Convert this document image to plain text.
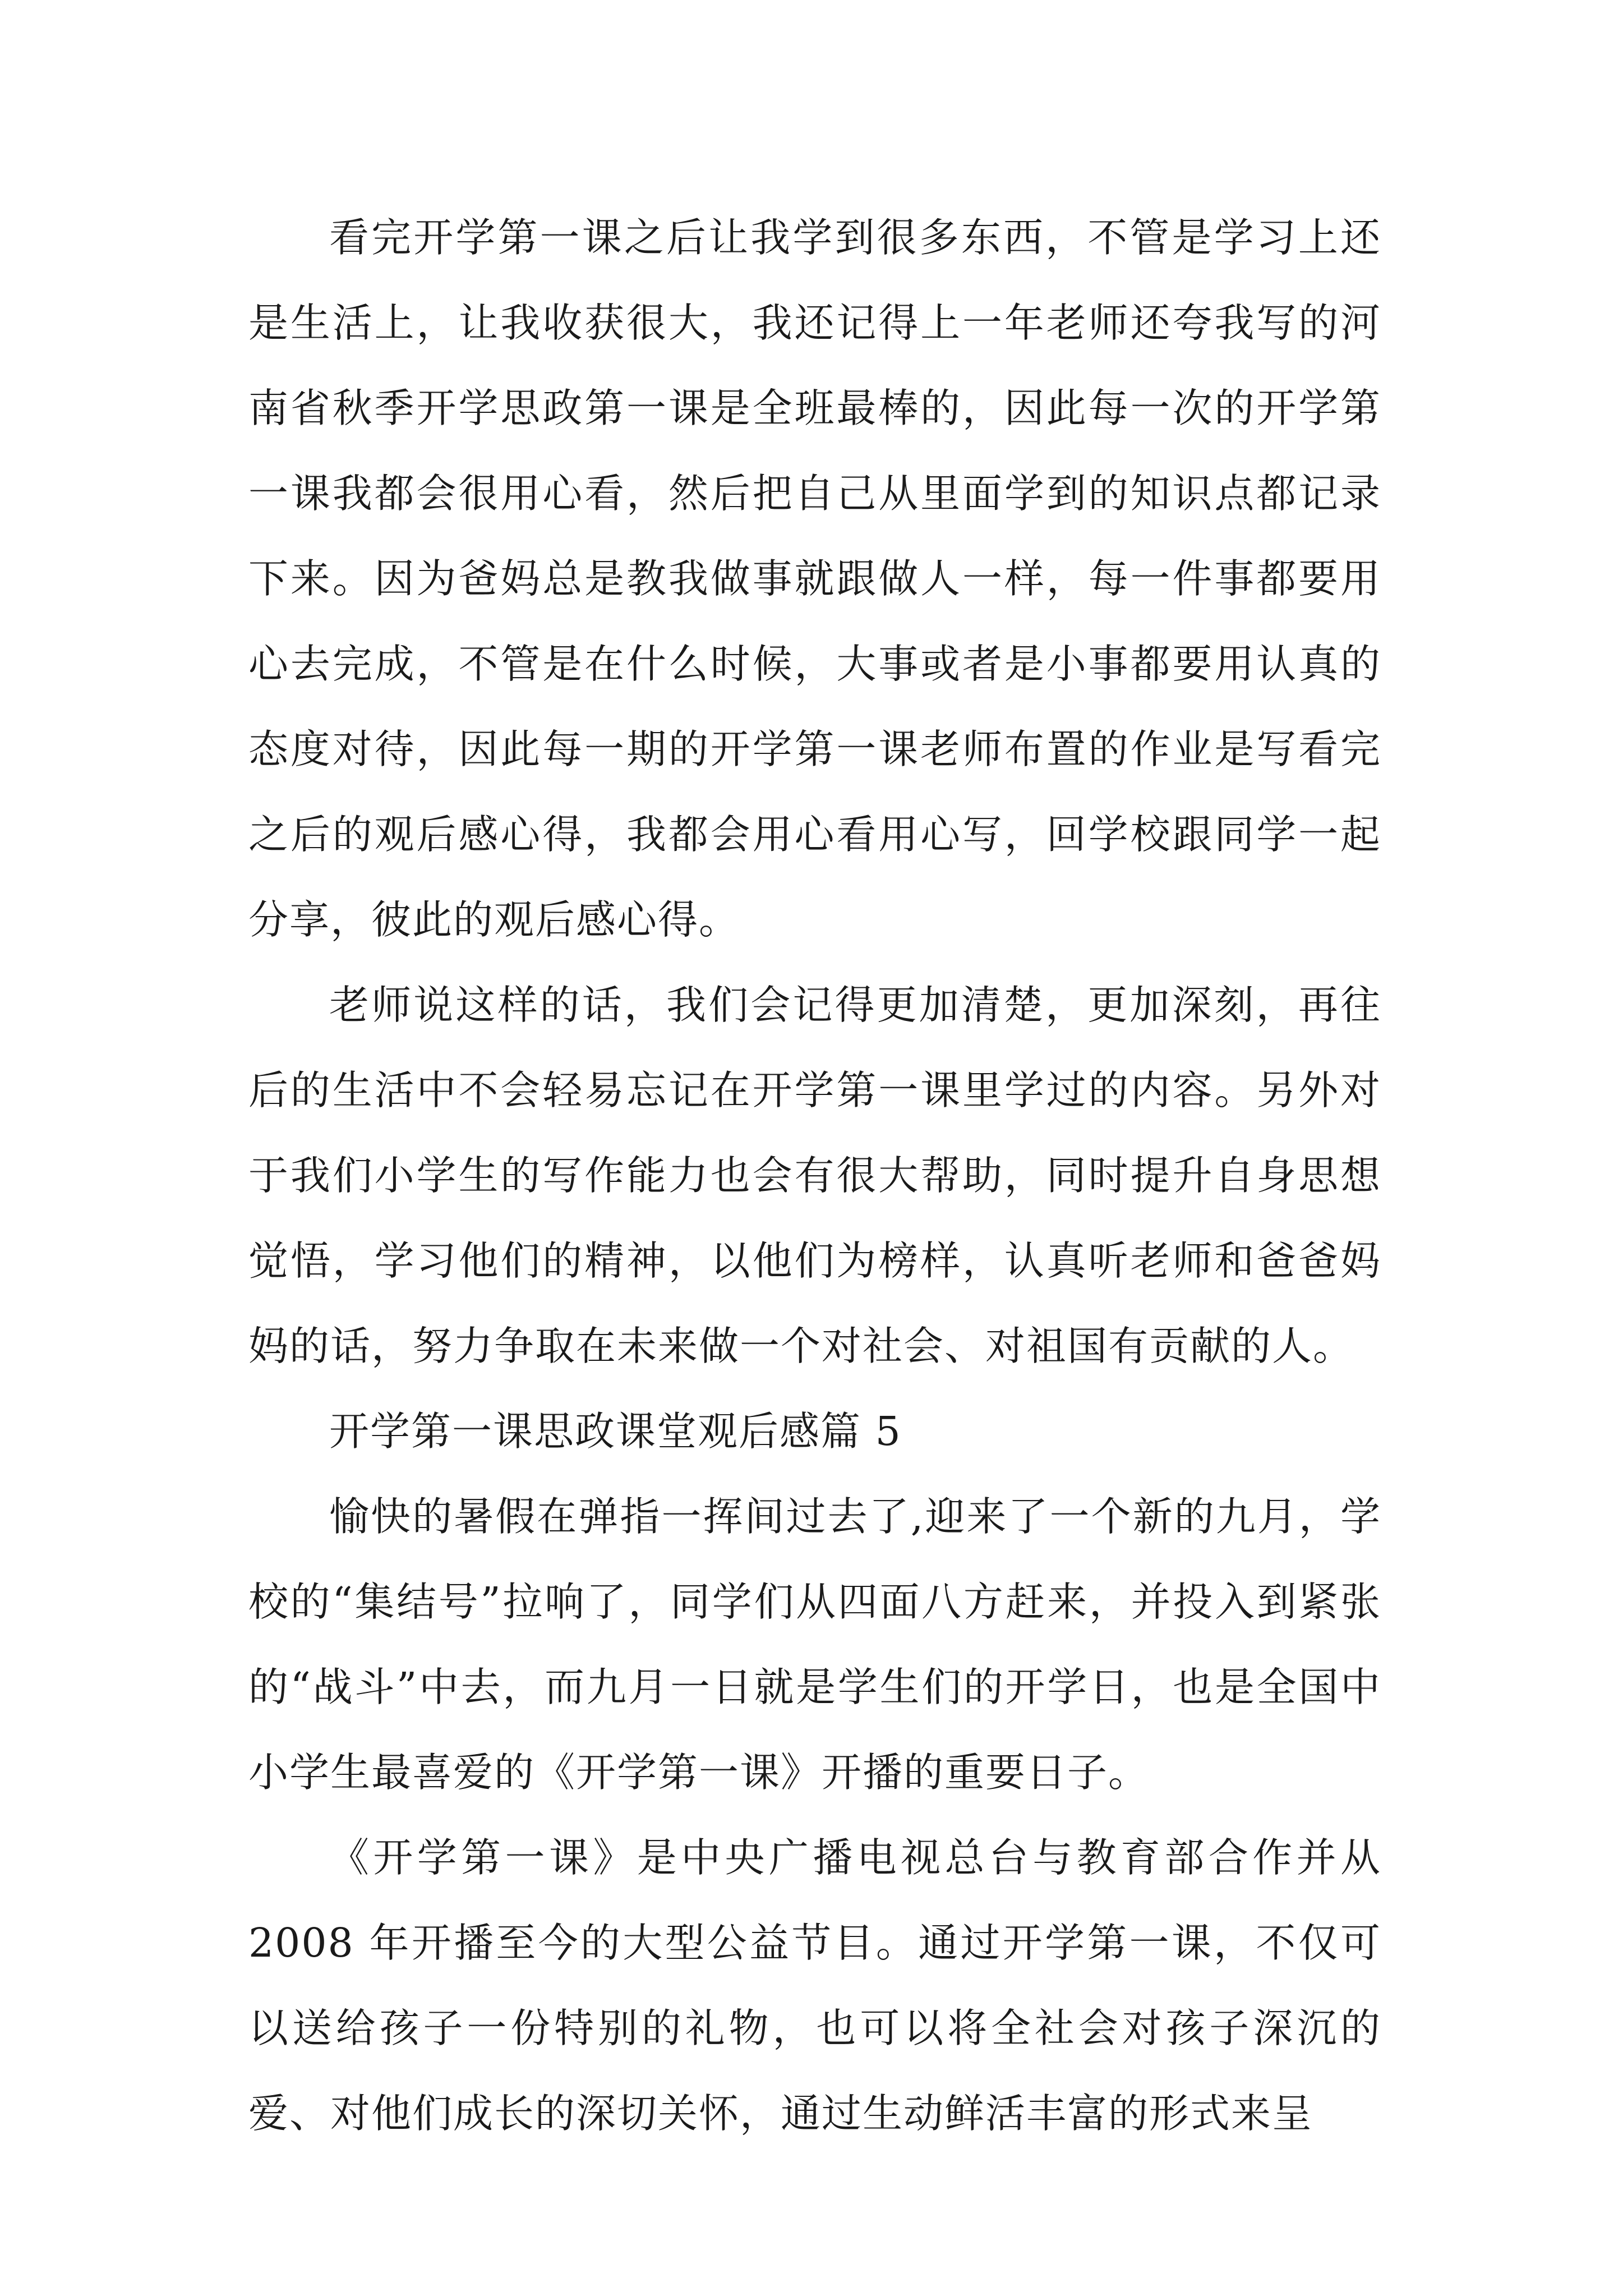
看完开学第一课之后让我学到很多东西，不管是学习上还是生活上，让我收获很大，我还记得上一年老师还夸我写的河南省秋季开学思政第一课是全班最棒的，因此每一次的开学第一课我都会很用心看，然后把自己从里面学到的知识点都记录下来。因为爸妈总是教我做事就跟做人一样，每一件事都要用心去完成，不管是在什么时候，大事或者是小事都要用认真的态度对待，因此每一期的开学第一课老师布置的作业是写看完之后的观后感心得，我都会用心看用心写，回学校跟同学一起分享，彼此的观后感心得。

老师说这样的话，我们会记得更加清楚，更加深刻，再往后的生活中不会轻易忘记在开学第一课里学过的内容。另外对于我们小学生的写作能力也会有很大帮助，同时提升自身思想觉悟，学习他们的精神，以他们为榜样，认真听老师和爸爸妈妈的话，努力争取在未来做一个对社会、对祖国有贡献的人。

开学第一课思政课堂观后感篇 5

愉快的暑假在弹指一挥间过去了,迎来了一个新的九月，学校的“集结号”拉响了，同学们从四面八方赶来，并投入到紧张的“战斗”中去，而九月一日就是学生们的开学日，也是全国中小学生最喜爱的《开学第一课》开播的重要日子。

《开学第一课》是中央广播电视总台与教育部合作并从2008 年开播至今的大型公益节目。通过开学第一课，不仅可以送给孩子一份特别的礼物，也可以将全社会对孩子深沉的爱、对他们成长的深切关怀，通过生动鲜活丰富的形式来呈
